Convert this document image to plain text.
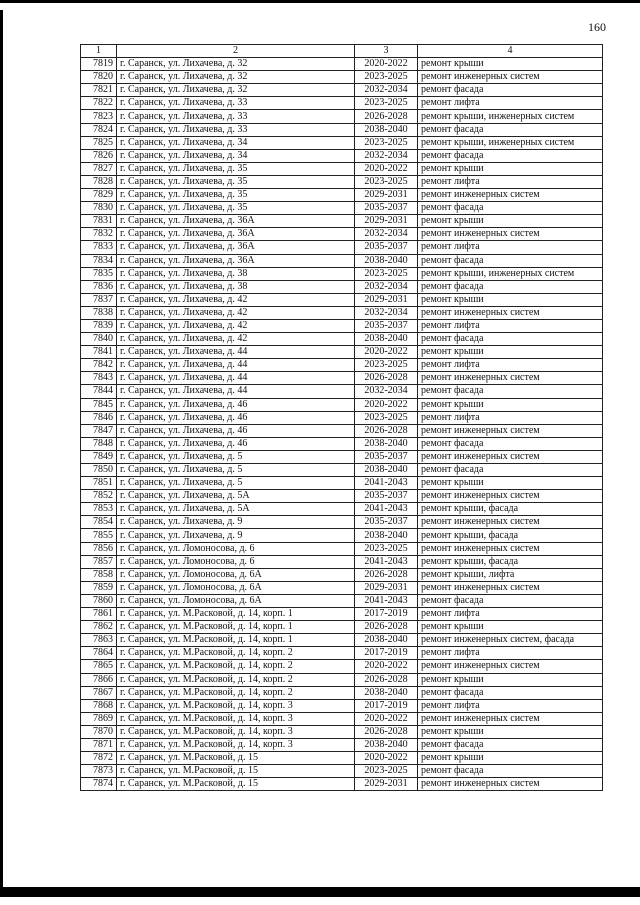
160
1	2	3	4
7819	г. Саранск, ул. Лихачева, д. 32	2020-2022	ремонт крыши
7820	г. Саранск, ул. Лихачева, д. 32	2023-2025	ремонт инженерных систем
7821	г. Саранск, ул. Лихачева, д. 32	2032-2034	ремонт фасада
7822	г. Саранск, ул. Лихачева, д. 33	2023-2025	ремонт лифта
7823	г. Саранск, ул. Лихачева, д. 33	2026-2028	ремонт крыши, инженерных систем
7824	г. Саранск, ул. Лихачева, д. 33	2038-2040	ремонт фасада
7825	г. Саранск, ул. Лихачева, д. 34	2023-2025	ремонт крыши, инженерных систем
7826	г. Саранск, ул. Лихачева, д. 34	2032-2034	ремонт фасада
7827	г. Саранск, ул. Лихачева, д. 35	2020-2022	ремонт крыши
7828	г. Саранск, ул. Лихачева, д. 35	2023-2025	ремонт лифта
7829	г. Саранск, ул. Лихачева, д. 35	2029-2031	ремонт инженерных систем
7830	г. Саранск, ул. Лихачева, д. 35	2035-2037	ремонт фасада
7831	г. Саранск, ул. Лихачева, д. 36А	2029-2031	ремонт крыши
7832	г. Саранск, ул. Лихачева, д. 36А	2032-2034	ремонт инженерных систем
7833	г. Саранск, ул. Лихачева, д. 36А	2035-2037	ремонт лифта
7834	г. Саранск, ул. Лихачева, д. 36А	2038-2040	ремонт фасада
7835	г. Саранск, ул. Лихачева, д. 38	2023-2025	ремонт крыши, инженерных систем
7836	г. Саранск, ул. Лихачева, д. 38	2032-2034	ремонт фасада
7837	г. Саранск, ул. Лихачева, д. 42	2029-2031	ремонт крыши
7838	г. Саранск, ул. Лихачева, д. 42	2032-2034	ремонт инженерных систем
7839	г. Саранск, ул. Лихачева, д. 42	2035-2037	ремонт лифта
7840	г. Саранск, ул. Лихачева, д. 42	2038-2040	ремонт фасада
7841	г. Саранск, ул. Лихачева, д. 44	2020-2022	ремонт крыши
7842	г. Саранск, ул. Лихачева, д. 44	2023-2025	ремонт лифта
7843	г. Саранск, ул. Лихачева, д. 44	2026-2028	ремонт инженерных систем
7844	г. Саранск, ул. Лихачева, д. 44	2032-2034	ремонт фасада
7845	г. Саранск, ул. Лихачева, д. 46	2020-2022	ремонт крыши
7846	г. Саранск, ул. Лихачева, д. 46	2023-2025	ремонт лифта
7847	г. Саранск, ул. Лихачева, д. 46	2026-2028	ремонт инженерных систем
7848	г. Саранск, ул. Лихачева, д. 46	2038-2040	ремонт фасада
7849	г. Саранск, ул. Лихачева, д. 5	2035-2037	ремонт инженерных систем
7850	г. Саранск, ул. Лихачева, д. 5	2038-2040	ремонт фасада
7851	г. Саранск, ул. Лихачева, д. 5	2041-2043	ремонт крыши
7852	г. Саранск, ул. Лихачева, д. 5А	2035-2037	ремонт инженерных систем
7853	г. Саранск, ул. Лихачева, д. 5А	2041-2043	ремонт крыши, фасада
7854	г. Саранск, ул. Лихачева, д. 9	2035-2037	ремонт инженерных систем
7855	г. Саранск, ул. Лихачева, д. 9	2038-2040	ремонт крыши, фасада
7856	г. Саранск, ул. Ломоносова, д. 6	2023-2025	ремонт инженерных систем
7857	г. Саранск, ул. Ломоносова, д. 6	2041-2043	ремонт крыши, фасада
7858	г. Саранск, ул. Ломоносова, д. 6А	2026-2028	ремонт крыши, лифта
7859	г. Саранск, ул. Ломоносова, д. 6А	2029-2031	ремонт инженерных систем
7860	г. Саранск, ул. Ломоносова, д. 6А	2041-2043	ремонт фасада
7861	г. Саранск, ул. М.Расковой, д. 14, корп. 1	2017-2019	ремонт лифта
7862	г. Саранск, ул. М.Расковой, д. 14, корп. 1	2026-2028	ремонт крыши
7863	г. Саранск, ул. М.Расковой, д. 14, корп. 1	2038-2040	ремонт инженерных систем, фасада
7864	г. Саранск, ул. М.Расковой, д. 14, корп. 2	2017-2019	ремонт лифта
7865	г. Саранск, ул. М.Расковой, д. 14, корп. 2	2020-2022	ремонт инженерных систем
7866	г. Саранск, ул. М.Расковой, д. 14, корп. 2	2026-2028	ремонт крыши
7867	г. Саранск, ул. М.Расковой, д. 14, корп. 2	2038-2040	ремонт фасада
7868	г. Саранск, ул. М.Расковой, д. 14, корп. 3	2017-2019	ремонт лифта
7869	г. Саранск, ул. М.Расковой, д. 14, корп. 3	2020-2022	ремонт инженерных систем
7870	г. Саранск, ул. М.Расковой, д. 14, корп. 3	2026-2028	ремонт крыши
7871	г. Саранск, ул. М.Расковой, д. 14, корп. 3	2038-2040	ремонт фасада
7872	г. Саранск, ул. М.Расковой, д. 15	2020-2022	ремонт крыши
7873	г. Саранск, ул. М.Расковой, д. 15	2023-2025	ремонт фасада
7874	г. Саранск, ул. М.Расковой, д. 15	2029-2031	ремонт инженерных систем
